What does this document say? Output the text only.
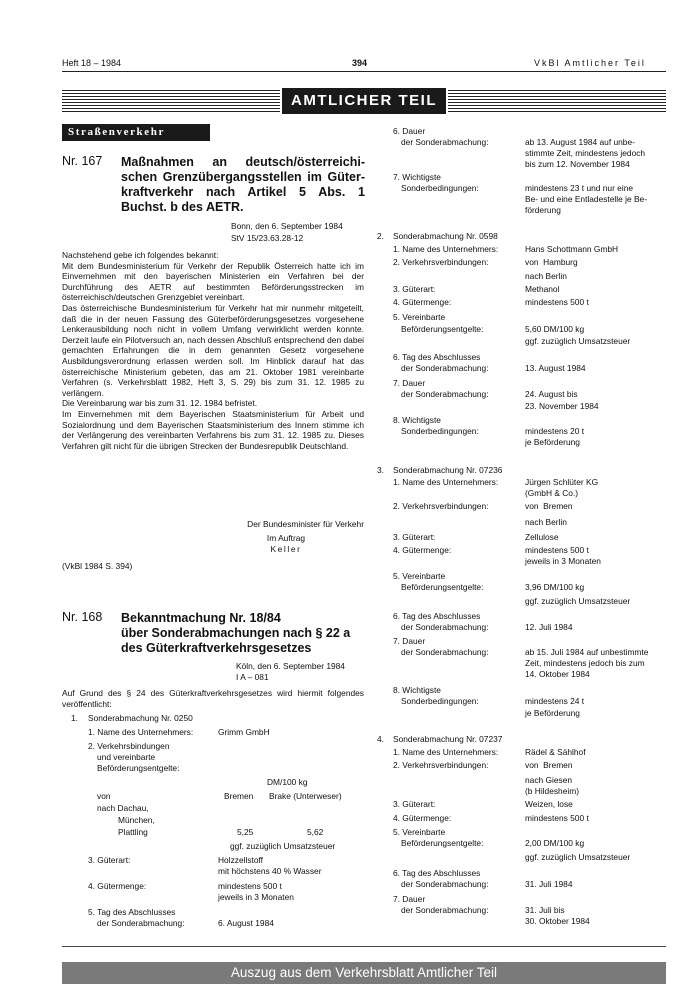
Heft 18 – 1984	394	VkBl Amtlicher Teil
AMTLICHER TEIL
Straßenverkehr
Nr. 167 Maßnahmen an deutsch/österreichi-
schen Grenzübergangsstellen im Güter-
kraftverkehr nach Artikel 5 Abs. 1
Buchst. b des AETR.
Bonn, den 6. September 1984
StV 15/23.63.28-12

Nachstehend gebe ich folgendes bekannt:

Mit dem Bundesministerium für Verkehr der Republik Österreich hatte ich im Einvernehmen mit den bayerischen Ministerien ein Verfahren bei der Durchführung des AETR auf bestimmten Beförderungsstrecken im österreichisch/deutschen Grenzgebiet vereinbart.

Das österreichische Bundesministerium für Verkehr hat mir nunmehr mitgeteilt, daß die in der neuen Fassung des Güterbeförderungsgesetzes vorgesehene Lenkerausbildung noch nicht in vollem Umfang verwirklicht werden konnte. Derzeit laufe ein Pilotversuch an, nach dessen Abschluß entsprechend den dabei gemachten Erfahrungen die in dem genannten Gesetz vorgesehene Ausbildungsverordnung erlassen werden soll. Im Hinblick darauf hat das österreichische Ministerium gebeten, das am 21. Oktober 1981 vereinbarte Verfahren (s. Verkehrsblatt 1982, Heft 3, S. 29) bis zum 31. 12. 1985 zu verlängern.

Die Vereinbarung war bis zum 31. 12. 1984 befristet.

Im Einvernehmen mit dem Bayerischen Staatsministerium für Arbeit und Sozialordnung und dem Bayerischen Staatsministerium des Innern stimme ich der Verlängerung des vereinbarten Verfahrens bis zum 31. 12. 1985 zu. Dieses Verfahren gilt nicht für die übrigen Strecken der Bundesrepublik Deutschland.

Der Bundesminister für Verkehr
Im Auftrag
Keller
(VkBl 1984 S. 394)
Nr. 168 Bekanntmachung Nr. 18/84
über Sonderabmachungen nach § 22 a
des Güterkraftverkehrsgesetzes
Köln, den 6. September 1984
I A – 081
Auf Grund des § 24 des Güterkraftverkehrsgesetzes wird hiermit folgendes veröffentlicht:
1. Sonderabmachung Nr. 0250
1. Name des Unternehmers:	Grimm GmbH
2. Verkehrsbindungen
und vereinbarte
Beförderungsentgelte:
DM/100 kg
von	Bremen Brake (Unterweser)
nach Dachau,
München,
Plattling	5,25	5,62
ggf. zuzüglich Umsatzsteuer
3. Güterart:	Holzzellstoff
mit höchstens 40 % Wasser
4. Gütermenge:	mindestens 500 t
jeweils in 3 Monaten
5. Tag des Abschlusses
der Sonderabmachung:	6. August 1984
6. Dauer
der Sonderabmachung:	ab 13. August 1984 auf unbe-
stimmte Zeit, mindestens jedoch
bis zum 12. November 1984
7. Wichtigste
Sonderbedingungen:	mindestens 23 t und nur eine
Be- und eine Entladestelle je Be-
förderung
2. Sonderabmachung Nr. 0598
1. Name des Unternehmers:	Hans Schottmann GmbH
2. Verkehrsverbindungen:	von  Hamburg
nach Berlin
3. Güterart:	Methanol
4. Gütermenge:	mindestens 500 t
5. Vereinbarte
Beförderungsentgelte:	5,60 DM/100 kg
ggf. zuzüglich Umsatzsteuer
6. Tag des Abschlusses
der Sonderabmachung:	13. August 1984
7. Dauer
der Sonderabmachung:	24. August bis
23. November 1984
8. Wichtigste
Sonderbedingungen:	mindestens 20 t
je Beförderung
3. Sonderabmachung Nr. 07236
1. Name des Unternehmers:	Jürgen Schlüter KG
(GmbH & Co.)
2. Verkehrsverbindungen:	von  Bremen
nach Berlin
3. Güterart:	Zellulose
4. Gütermenge:	mindestens 500 t
jeweils in 3 Monaten
5. Vereinbarte
Beförderungsentgelte:	3,96 DM/100 kg
ggf. zuzüglich Umsatzsteuer
6. Tag des Abschlusses
der Sonderabmachung:	12. Juli 1984
7. Dauer
der Sonderabmachung:	ab 15. Juli 1984 auf unbestimmte
Zeit, mindestens jedoch bis zum
14. Oktober 1984
8. Wichtigste
Sonderbedingungen:	mindestens 24 t
je Beförderung
4. Sonderabmachung Nr. 07237
1. Name des Unternehmers:	Rädel & Sählhof
2. Verkehrsverbindungen:	von  Bremen
nach Giesen
(b Hildesheim)
3. Güterart:	Weizen, lose
4. Gütermenge:	mindestens 500 t
5. Vereinbarte
Beförderungsentgelte:	2,00 DM/100 kg
ggf. zuzüglich Umsatzsteuer
6. Tag des Abschlusses
der Sonderabmachung:	31. Juli 1984
7. Dauer
der Sonderabmachung:	31. Juli bis
30. Oktober 1984
Auszug aus dem Verkehrsblatt Amtlicher Teil
